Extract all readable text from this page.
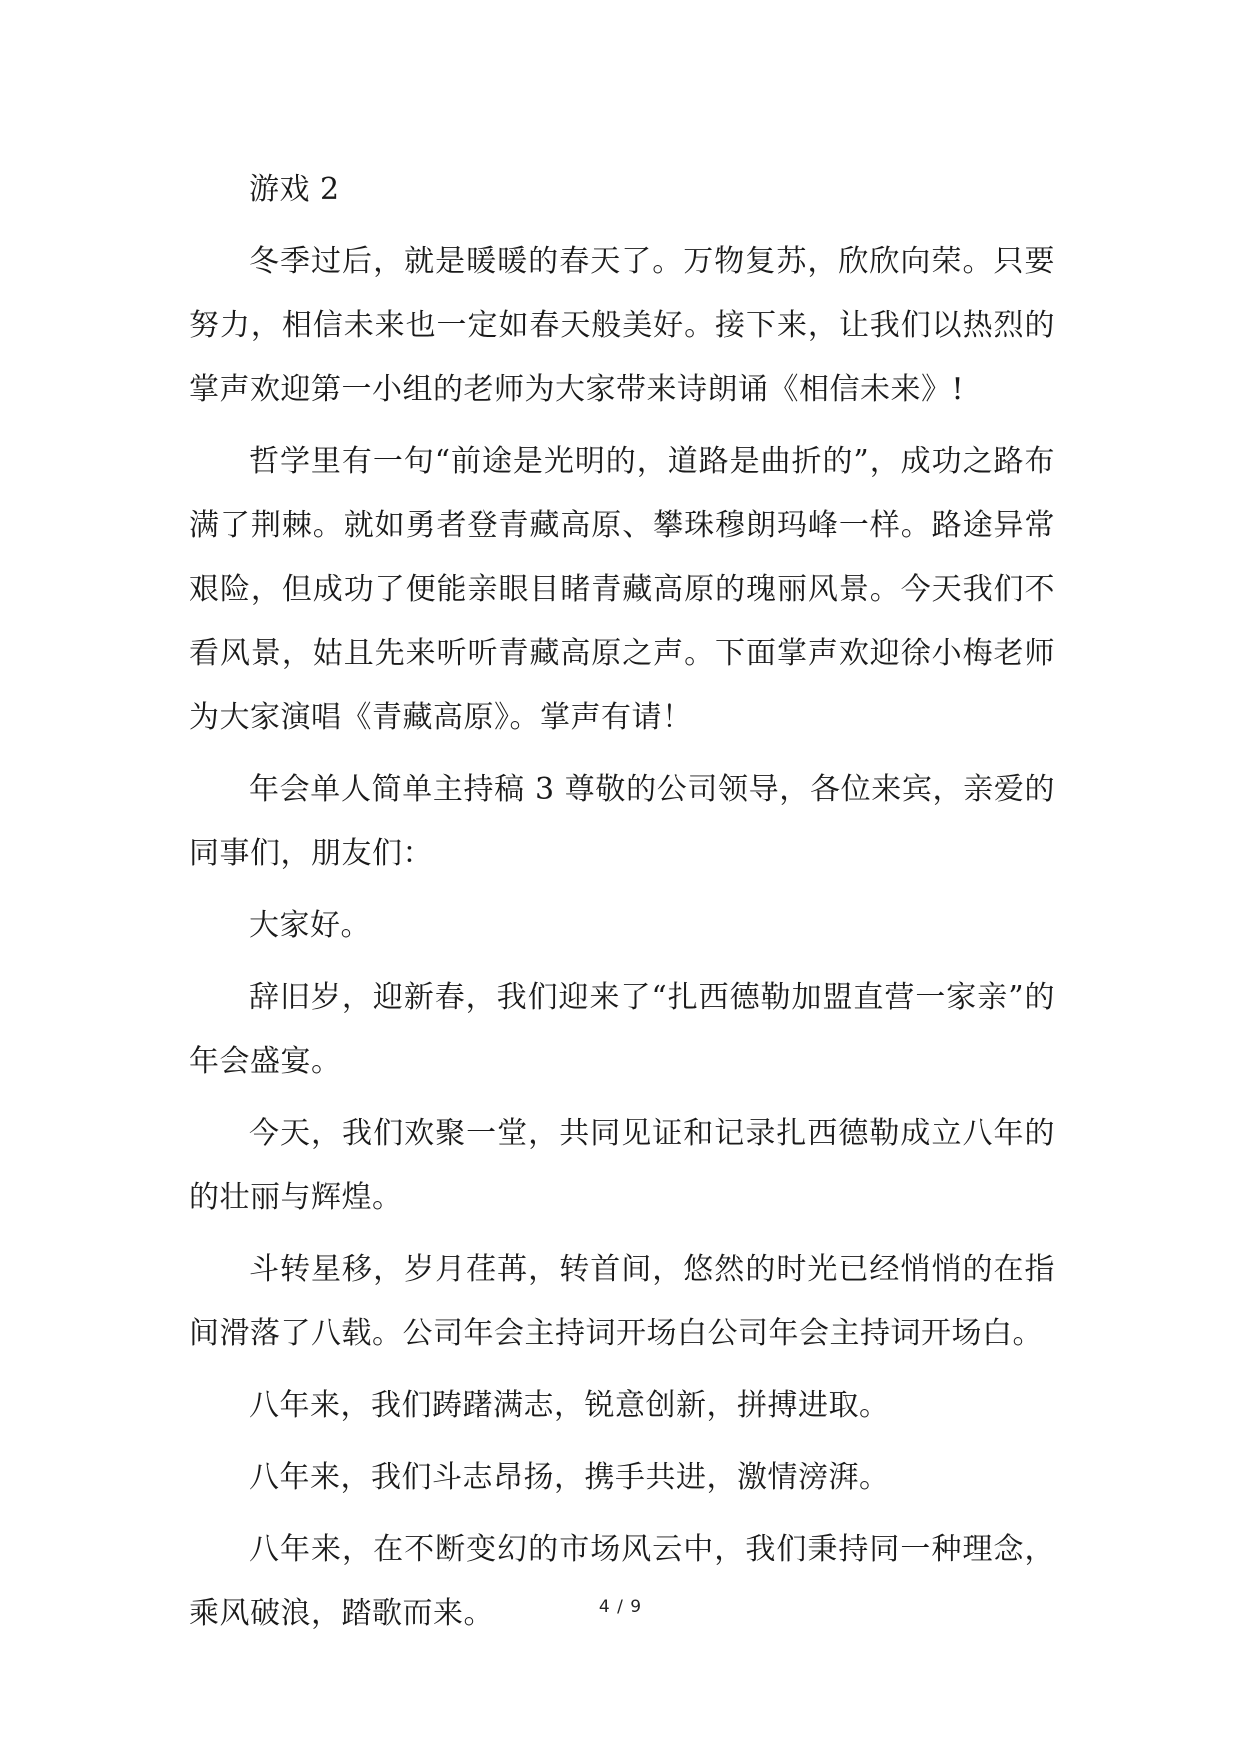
游戏 2

冬季过后，就是暖暖的春天了。万物复苏，欣欣向荣。只要努力，相信未来也一定如春天般美好。接下来，让我们以热烈的掌声欢迎第一小组的老师为大家带来诗朗诵《相信未来》!

哲学里有一句“前途是光明的，道路是曲折的”，成功之路布满了荆棘。就如勇者登青藏高原、攀珠穆朗玛峰一样。路途异常艰险，但成功了便能亲眼目睹青藏高原的瑰丽风景。今天我们不看风景，姑且先来听听青藏高原之声。下面掌声欢迎徐小梅老师为大家演唱《青藏高原》。掌声有请！

年会单人简单主持稿 3 尊敬的公司领导，各位来宾，亲爱的同事们，朋友们：

大家好。

辞旧岁，迎新春，我们迎来了“扎西德勒加盟直营一家亲”的年会盛宴。

今天，我们欢聚一堂，共同见证和记录扎西德勒成立八年的的壮丽与辉煌。

斗转星移，岁月荏苒，转首间，悠然的时光已经悄悄的在指间滑落了八载。公司年会主持词开场白公司年会主持词开场白。

八年来，我们踌躇满志，锐意创新，拼搏进取。

八年来，我们斗志昂扬，携手共进，激情滂湃。

八年来，在不断变幻的市场风云中，我们秉持同一种理念，乘风破浪，踏歌而来。	4 / 9
